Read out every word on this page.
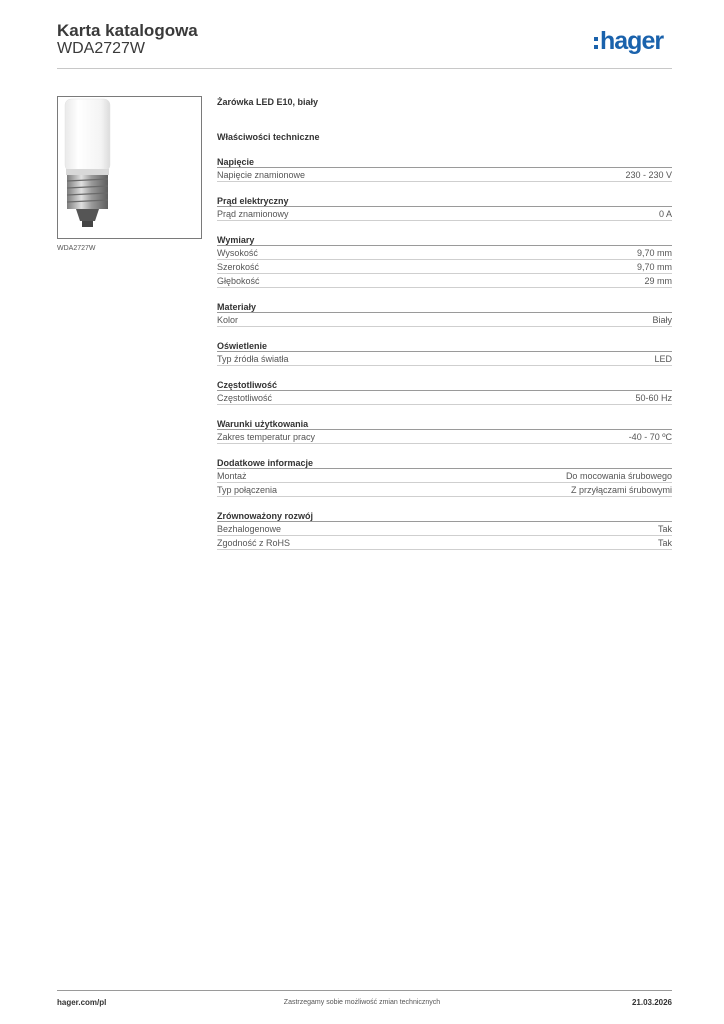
Karta katalogowa
WDA2727W	hager
WDA2727W
Żarówka LED E10, biały
Właściwości techniczne
Napięcie
Napięcie znamionowe	230 - 230 V
Prąd elektryczny
Prąd znamionowy	0 A
Wymiary
Wysokość	9,70 mm
Szerokość	9,70 mm
Głębokość	29 mm
Materiały
Kolor	Biały
Oświetlenie
Typ źródła światła	LED
Częstotliwość
Częstotliwość	50-60 Hz
Warunki użytkowania
Zakres temperatur pracy	-40 - 70 ºC
Dodatkowe informacje
Montaż	Do mocowania śrubowego
Typ połączenia	Z przyłączami śrubowymi
Zrównoważony rozwój
Bezhalogenowe	Tak
Zgodność z RoHS	Tak
hager.com/pl	Zastrzegamy sobie możliwość zmian technicznych	21.03.2026
